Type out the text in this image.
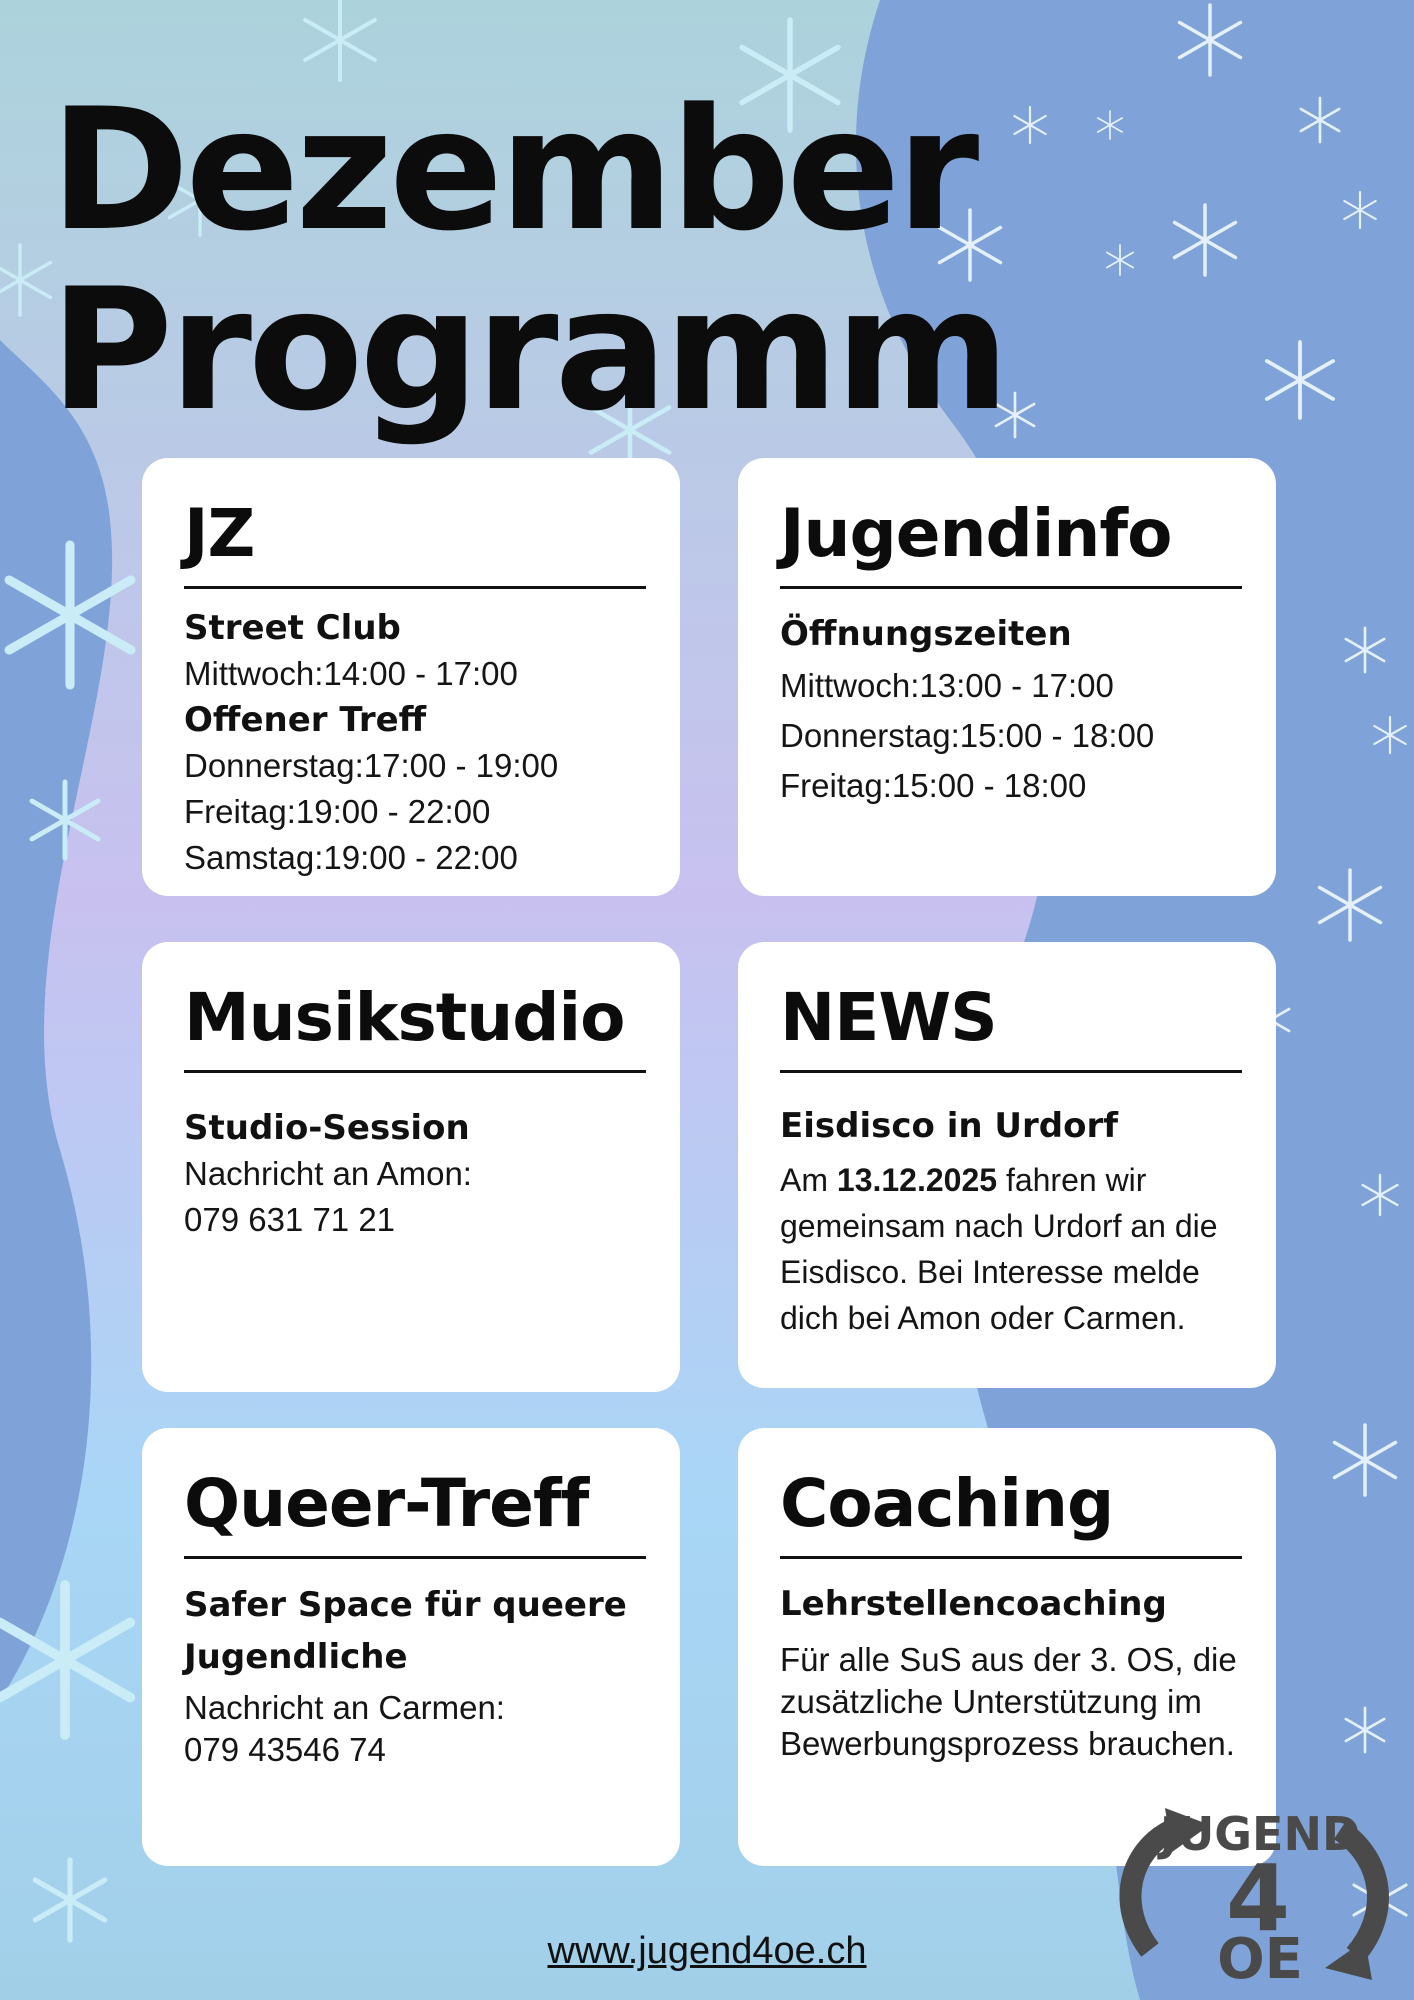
Dezember
Programm
JZ

Street Club

Mittwoch:14:00 - 17:00

Offener Treff

Donnerstag:17:00 - 19:00

Freitag:19:00 - 22:00

Samstag:19:00 - 22:00

Jugendinfo

Öffnungszeiten

Mittwoch:13:00 - 17:00

Donnerstag:15:00 - 18:00

Freitag:15:00 - 18:00

Musikstudio

Studio-Session

Nachricht an Amon:

079 631 71 21

NEWS

Eisdisco in Urdorf

Am 13.12.2025 fahren wir gemeinsam nach Urdorf an die Eisdisco. Bei Interesse melde dich bei Amon oder Carmen.

Queer-Treff

Safer Space für queere Jugendliche

Nachricht an Carmen:

079 43546 74

Coaching

Lehrstellencoaching

Für alle SuS aus der 3. OS, die zusätzliche Unterstützung im Bewerbungsprozess brauchen.

www.jugend4oe.ch
JUGEND
4
OE
